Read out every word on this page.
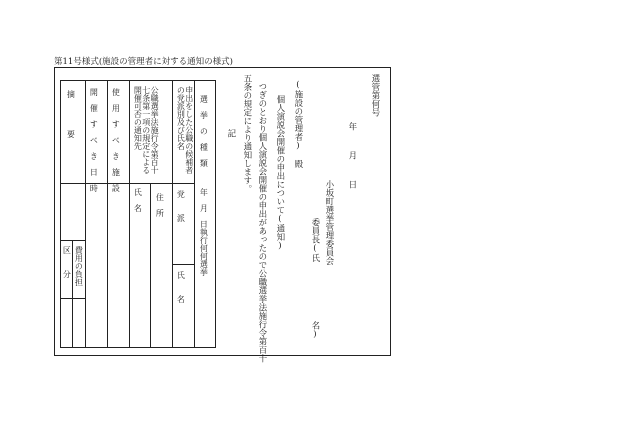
第11号様式(施設の管理者に対する通知の様式)
選管第何号
年　月　日
小坂町選挙管理委員会
委員長(氏
名)
(施設の管理者)　殿
個人演説会開催の申出について(通知)
つぎのとおり個人演説会開催の申出があったので公職選挙法施行令第百十
五条の規定により通知します。
記
選　挙　の　種　類
年　月　日執行何何選挙
申出をした公職の候補者の党派別及び氏名
党　　派
氏　　名
公職選挙法施行令第百十七条第一項の規定による開催可否の通知先
住　所
氏　名
使　用　す　べ　き　施　設
開　催　す　べ　き　日　時
摘　　　　要
費用の負担
区　　分
